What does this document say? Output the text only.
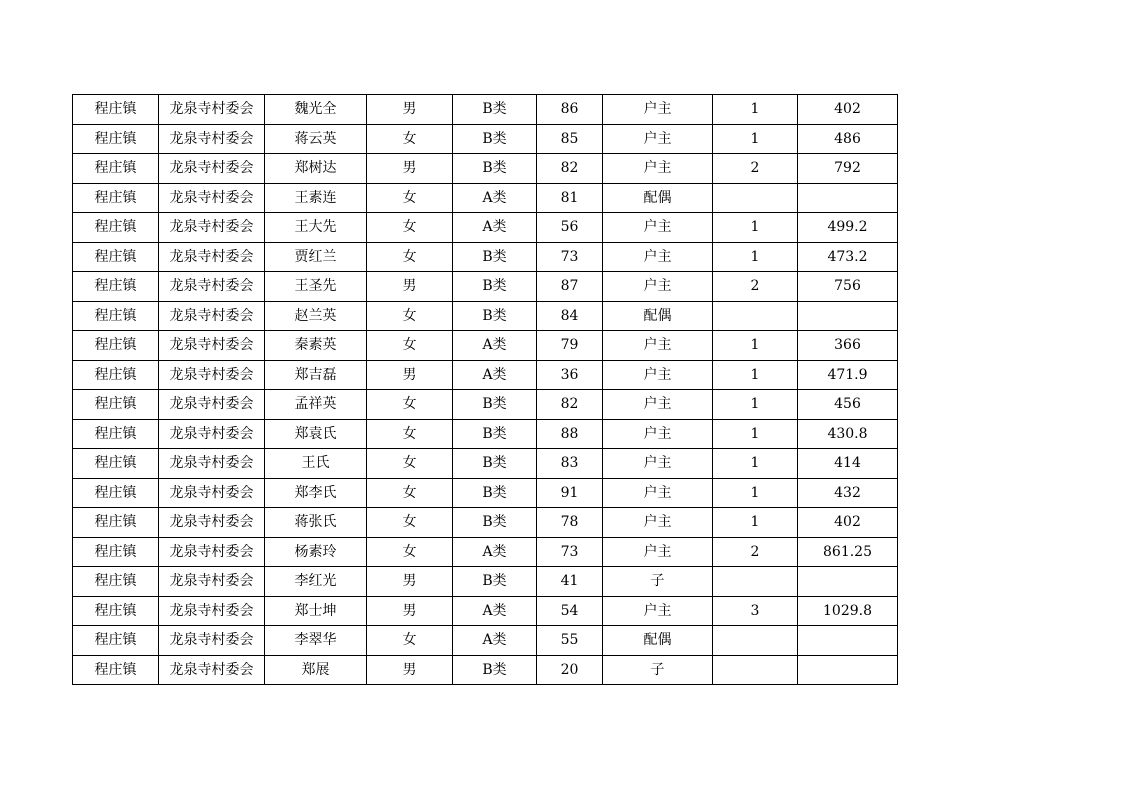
程庄镇	龙泉寺村委会	魏光全	男	B类	86	户主	1	402
程庄镇	龙泉寺村委会	蒋云英	女	B类	85	户主	1	486
程庄镇	龙泉寺村委会	郑树达	男	B类	82	户主	2	792
程庄镇	龙泉寺村委会	王素连	女	A类	81	配偶		
程庄镇	龙泉寺村委会	王大先	女	A类	56	户主	1	499.2
程庄镇	龙泉寺村委会	贾红兰	女	B类	73	户主	1	473.2
程庄镇	龙泉寺村委会	王圣先	男	B类	87	户主	2	756
程庄镇	龙泉寺村委会	赵兰英	女	B类	84	配偶		
程庄镇	龙泉寺村委会	秦素英	女	A类	79	户主	1	366
程庄镇	龙泉寺村委会	郑吉磊	男	A类	36	户主	1	471.9
程庄镇	龙泉寺村委会	孟祥英	女	B类	82	户主	1	456
程庄镇	龙泉寺村委会	郑袁氏	女	B类	88	户主	1	430.8
程庄镇	龙泉寺村委会	王氏	女	B类	83	户主	1	414
程庄镇	龙泉寺村委会	郑李氏	女	B类	91	户主	1	432
程庄镇	龙泉寺村委会	蒋张氏	女	B类	78	户主	1	402
程庄镇	龙泉寺村委会	杨素玲	女	A类	73	户主	2	861.25
程庄镇	龙泉寺村委会	李红光	男	B类	41	子		
程庄镇	龙泉寺村委会	郑士坤	男	A类	54	户主	3	1029.8
程庄镇	龙泉寺村委会	李翠华	女	A类	55	配偶		
程庄镇	龙泉寺村委会	郑展	男	B类	20	子		
